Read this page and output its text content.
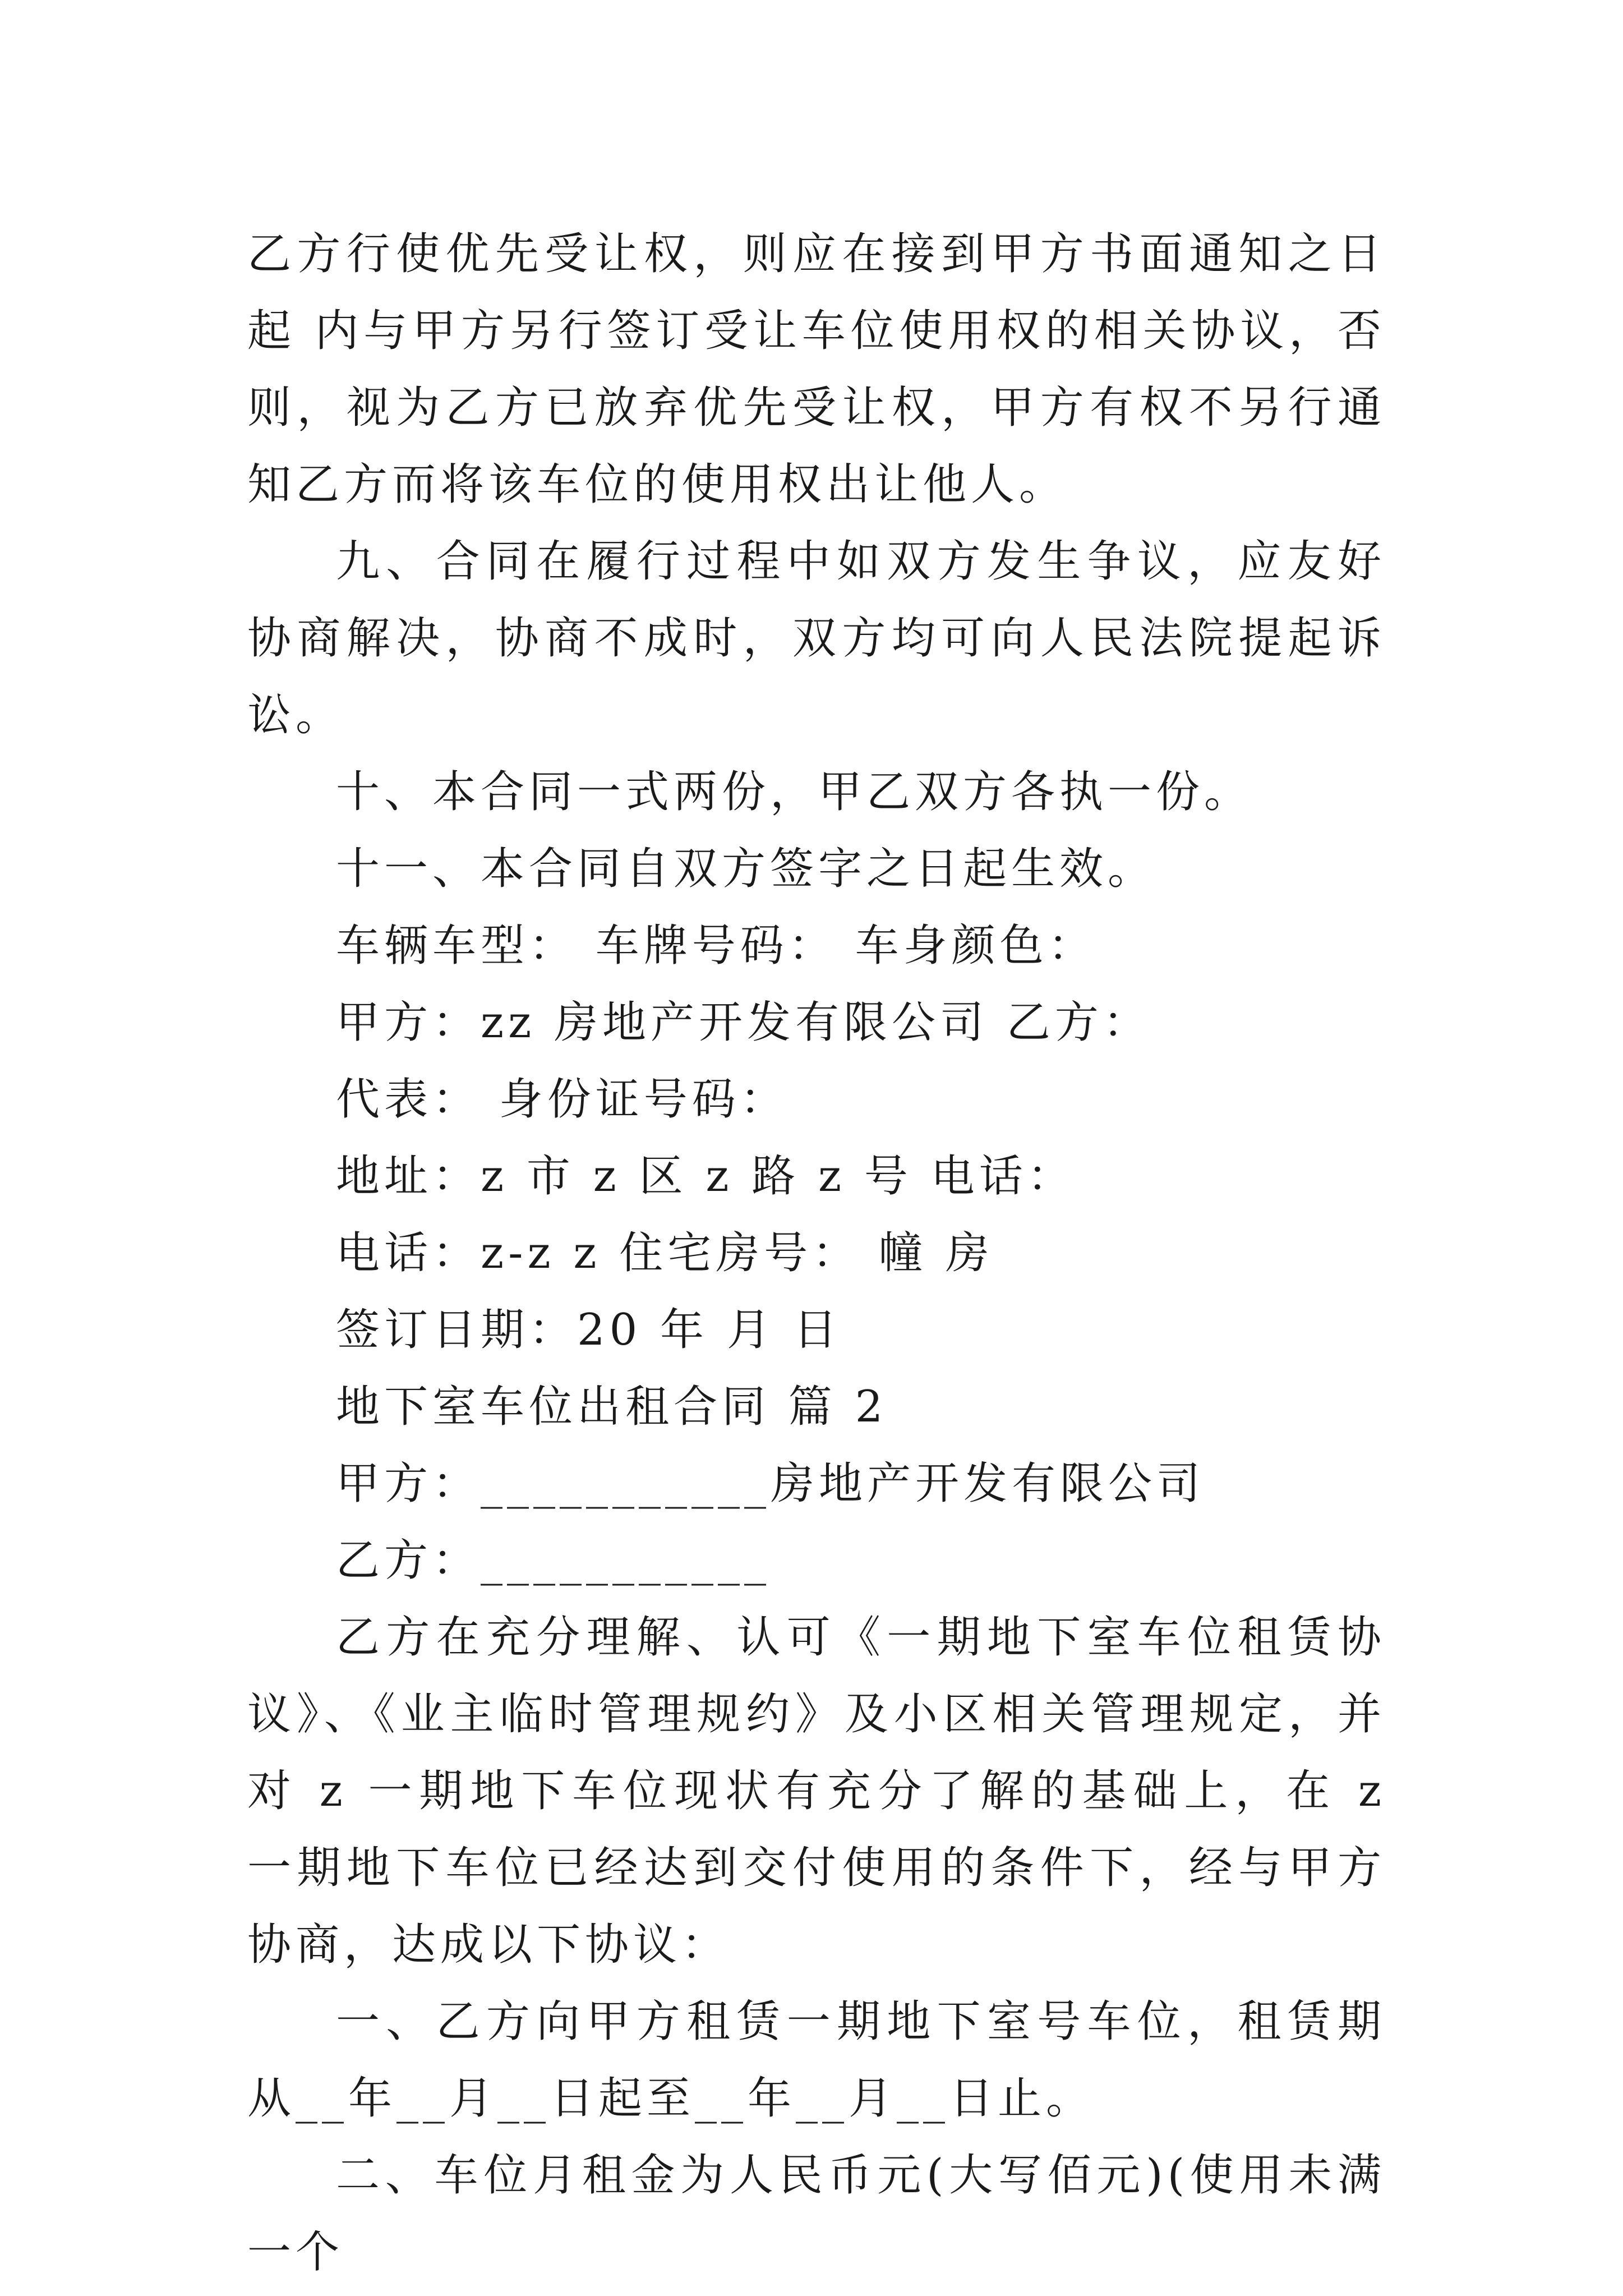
乙方行使优先受让权，则应在接到甲方书面通知之日起 内与甲方另行签订受让车位使用权的相关协议，否则，视为乙方已放弃优先受让权，甲方有权不另行通知乙方而将该车位的使用权出让他人。

九、合同在履行过程中如双方发生争议，应友好协商解决，协商不成时，双方均可向人民法院提起诉讼。

十、本合同一式两份，甲乙双方各执一份。

十一、本合同自双方签字之日起生效。

车辆车型： 车牌号码： 车身颜色：

甲方：zz 房地产开发有限公司 乙方：

代表： 身份证号码：

地址：z 市 z 区 z 路 z 号 电话：

电话：z-z z 住宅房号： 幢 房

签订日期：20 年 月 日

地下室车位出租合同 篇 2

甲方：___________房地产开发有限公司

乙方：___________

乙方在充分理解、认可《一期地下室车位租赁协议》、《业主临时管理规约》及小区相关管理规定，并对 z 一期地下车位现状有充分了解的基础上，在 z 一期地下车位已经达到交付使用的条件下，经与甲方协商，达成以下协议：

一、乙方向甲方租赁一期地下室号车位，租赁期从__年__月__日起至__年__月__日止。

二、车位月租金为人民币元(大写佰元)(使用未满一个
